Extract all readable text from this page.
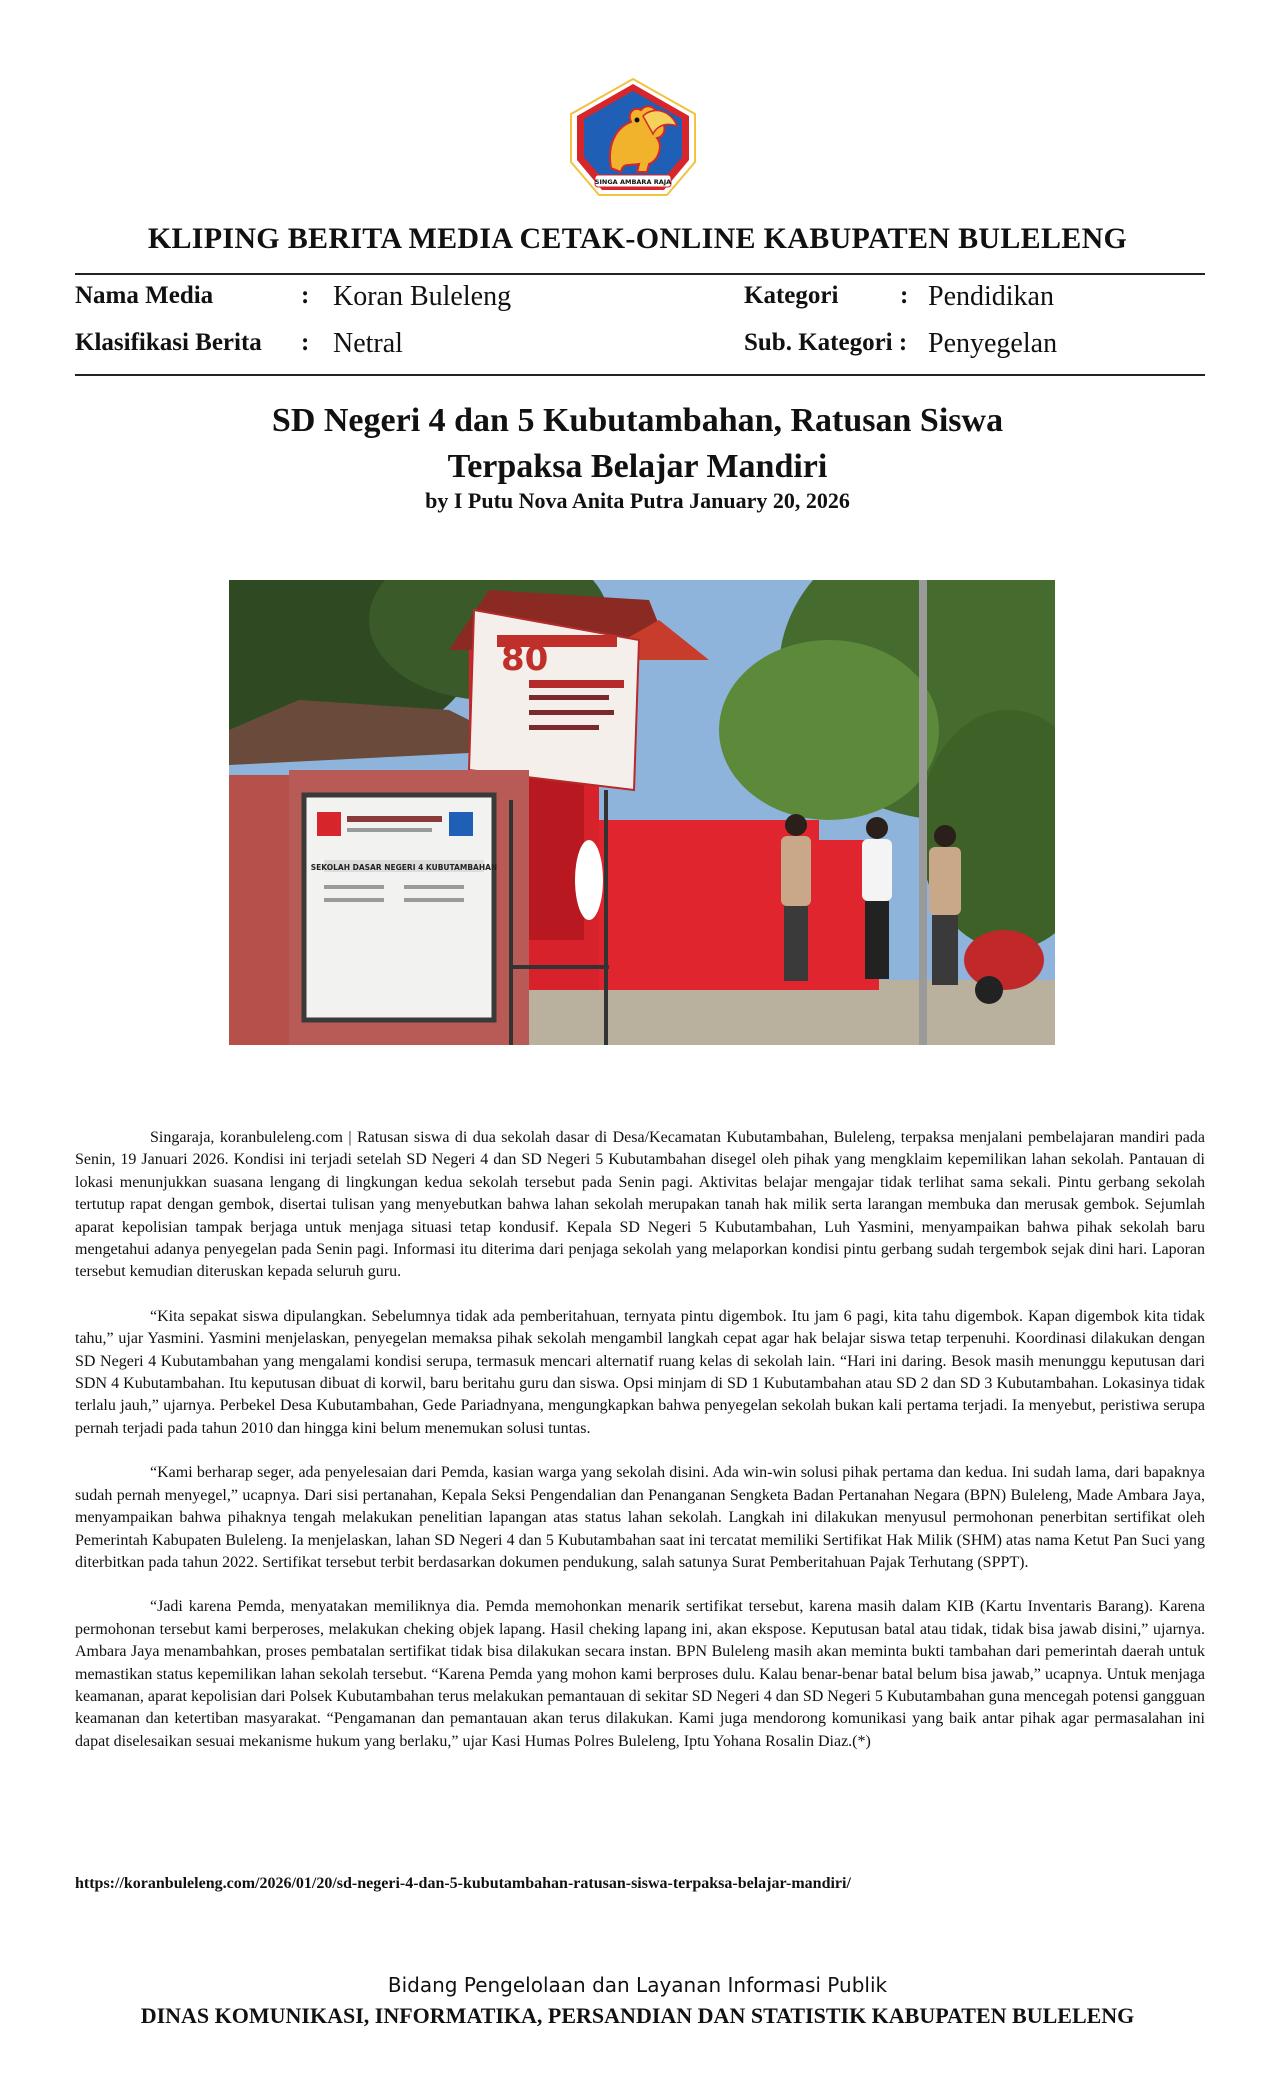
SINGA AMBARA RAJA
KLIPING BERITA MEDIA CETAK-ONLINE KABUPATEN BULELENG
Nama Media	: Koran Buleleng
Klasifikasi Berita : Netral
Kategori : Pendidikan
Sub. Kategori : Penyegelan
SD Negeri 4 dan 5 Kubutambahan, Ratusan Siswa
Terpaksa Belajar Mandiri
by I Putu Nova Anita Putra January 20, 2026
80
SEKOLAH DASAR NEGERI 4 KUBUTAMBAHAN

Singaraja, koranbuleleng.com | Ratusan siswa di dua sekolah dasar di Desa/Kecamatan Kubutambahan, Buleleng, terpaksa menjalani pembelajaran mandiri pada Senin, 19 Januari 2026. Kondisi ini terjadi setelah SD Negeri 4 dan SD Negeri 5 Kubutambahan disegel oleh pihak yang mengklaim kepemilikan lahan sekolah. Pantauan di lokasi menunjukkan suasana lengang di lingkungan kedua sekolah tersebut pada Senin pagi. Aktivitas belajar mengajar tidak terlihat sama sekali. Pintu gerbang sekolah tertutup rapat dengan gembok, disertai tulisan yang menyebutkan bahwa lahan sekolah merupakan tanah hak milik serta larangan membuka dan merusak gembok. Sejumlah aparat kepolisian tampak berjaga untuk menjaga situasi tetap kondusif. Kepala SD Negeri 5 Kubutambahan, Luh Yasmini, menyampaikan bahwa pihak sekolah baru mengetahui adanya penyegelan pada Senin pagi. Informasi itu diterima dari penjaga sekolah yang melaporkan kondisi pintu gerbang sudah tergembok sejak dini hari. Laporan tersebut kemudian diteruskan kepada seluruh guru.

“Kita sepakat siswa dipulangkan. Sebelumnya tidak ada pemberitahuan, ternyata pintu digembok. Itu jam 6 pagi, kita tahu digembok. Kapan digembok kita tidak tahu,” ujar Yasmini. Yasmini menjelaskan, penyegelan memaksa pihak sekolah mengambil langkah cepat agar hak belajar siswa tetap terpenuhi. Koordinasi dilakukan dengan SD Negeri 4 Kubutambahan yang mengalami kondisi serupa, termasuk mencari alternatif ruang kelas di sekolah lain. “Hari ini daring. Besok masih menunggu keputusan dari SDN 4 Kubutambahan. Itu keputusan dibuat di korwil, baru beritahu guru dan siswa. Opsi minjam di SD 1 Kubutambahan atau SD 2 dan SD 3 Kubutambahan. Lokasinya tidak terlalu jauh,” ujarnya. Perbekel Desa Kubutambahan, Gede Pariadnyana, mengungkapkan bahwa penyegelan sekolah bukan kali pertama terjadi. Ia menyebut, peristiwa serupa pernah terjadi pada tahun 2010 dan hingga kini belum menemukan solusi tuntas.

“Kami berharap seger, ada penyelesaian dari Pemda, kasian warga yang sekolah disini. Ada win-win solusi pihak pertama dan kedua. Ini sudah lama, dari bapaknya sudah pernah menyegel,” ucapnya. Dari sisi pertanahan, Kepala Seksi Pengendalian dan Penanganan Sengketa Badan Pertanahan Negara (BPN) Buleleng, Made Ambara Jaya, menyampaikan bahwa pihaknya tengah melakukan penelitian lapangan atas status lahan sekolah. Langkah ini dilakukan menyusul permohonan penerbitan sertifikat oleh Pemerintah Kabupaten Buleleng. Ia menjelaskan, lahan SD Negeri 4 dan 5 Kubutambahan saat ini tercatat memiliki Sertifikat Hak Milik (SHM) atas nama Ketut Pan Suci yang diterbitkan pada tahun 2022. Sertifikat tersebut terbit berdasarkan dokumen pendukung, salah satunya Surat Pemberitahuan Pajak Terhutang (SPPT).

“Jadi karena Pemda, menyatakan memiliknya dia. Pemda memohonkan menarik sertifikat tersebut, karena masih dalam KIB (Kartu Inventaris Barang). Karena permohonan tersebut kami berperoses, melakukan cheking objek lapang. Hasil cheking lapang ini, akan ekspose. Keputusan batal atau tidak, tidak bisa jawab disini,” ujarnya. Ambara Jaya menambahkan, proses pembatalan sertifikat tidak bisa dilakukan secara instan. BPN Buleleng masih akan meminta bukti tambahan dari pemerintah daerah untuk memastikan status kepemilikan lahan sekolah tersebut. “Karena Pemda yang mohon kami berproses dulu. Kalau benar-benar batal belum bisa jawab,” ucapnya. Untuk menjaga keamanan, aparat kepolisian dari Polsek Kubutambahan terus melakukan pemantauan di sekitar SD Negeri 4 dan SD Negeri 5 Kubutambahan guna mencegah potensi gangguan keamanan dan ketertiban masyarakat. “Pengamanan dan pemantauan akan terus dilakukan. Kami juga mendorong komunikasi yang baik antar pihak agar permasalahan ini dapat diselesaikan sesuai mekanisme hukum yang berlaku,” ujar Kasi Humas Polres Buleleng, Iptu Yohana Rosalin Diaz.(*)

https://koranbuleleng.com/2026/01/20/sd-negeri-4-dan-5-kubutambahan-ratusan-siswa-terpaksa-belajar-mandiri/
Bidang Pengelolaan dan Layanan Informasi Publik
DINAS KOMUNIKASI, INFORMATIKA, PERSANDIAN DAN STATISTIK KABUPATEN BULELENG
